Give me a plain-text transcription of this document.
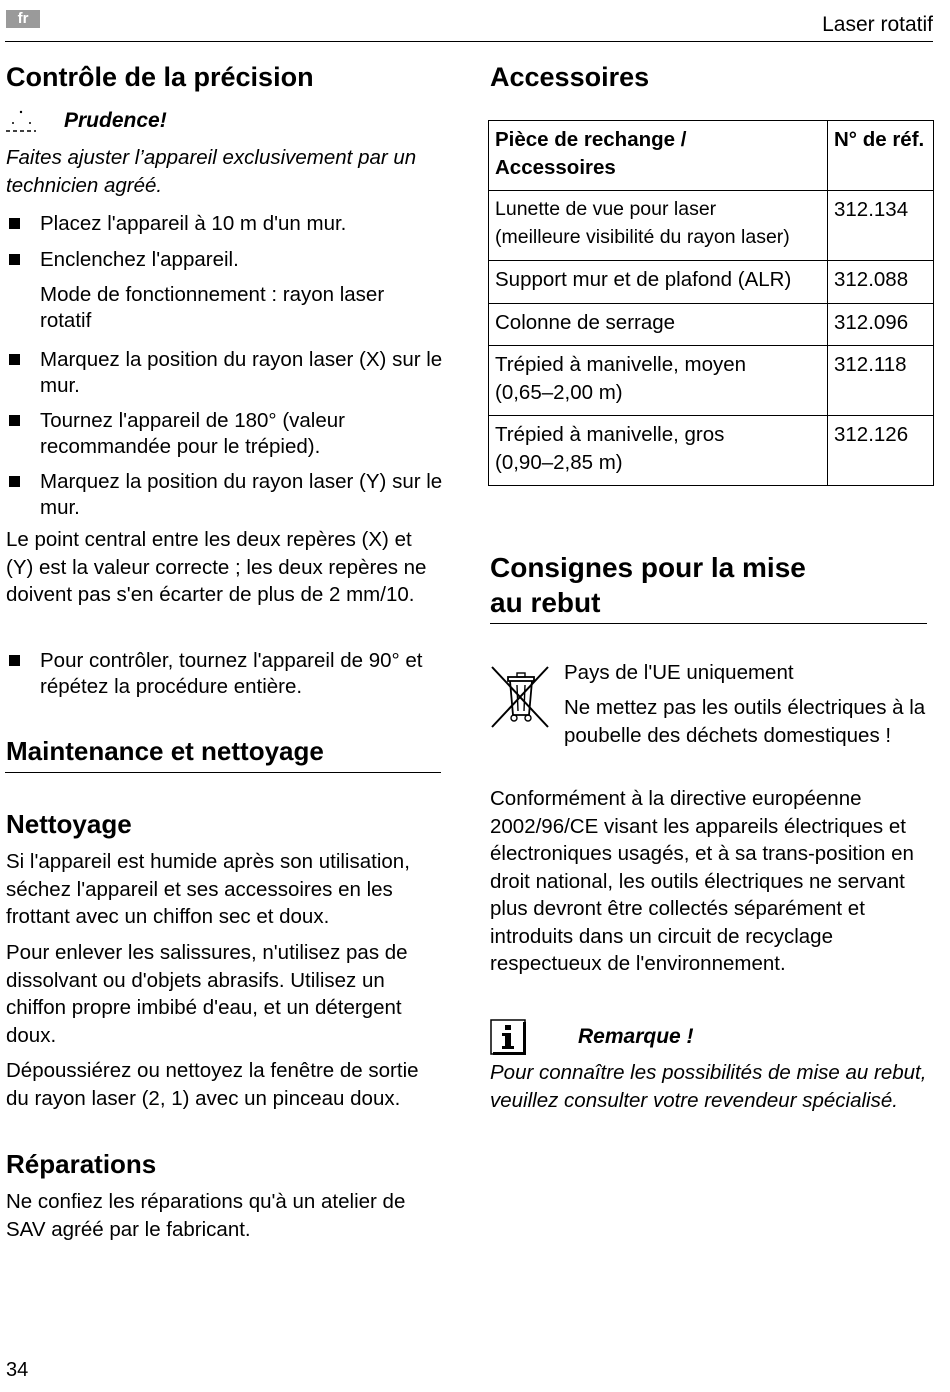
fr	Laser rotatif
Contrôle de la précision
Prudence!

Faites ajuster l’appareil exclusivement par un technicien agréé.

Placez l'appareil à 10 m d'un mur.
Enclenchez l'appareil.

Mode de fonctionnement : rayon laser rotatif

Marquez la position du rayon laser (X) sur le mur.
Tournez l'appareil de 180° (valeur recommandée pour le trépied).
Marquez la position du rayon laser (Y) sur le mur.

Le point central entre les deux repères (X) et (Y) est la valeur correcte ; les deux repères ne doivent pas s'en écarter de plus de 2 mm/10.

Pour contrôler, tournez l'appareil de 90° et répétez la procédure entière.
Maintenance et nettoyage
Nettoyage

Si l'appareil est humide après son utilisation, séchez l'appareil et ses accessoires en les frottant avec un chiffon sec et doux.

Pour enlever les salissures, n'utilisez pas de dissolvant ou d'objets abrasifs. Utilisez un chiffon propre imbibé d'eau, et un détergent doux.

Dépoussiérez ou nettoyez la fenêtre de sortie du rayon laser (2, 1) avec un pinceau doux.

Réparations

Ne confiez les réparations qu'à un atelier de SAV agréé par le fabricant.

34
Accessoires
Pièce de rechange /
Accessoires	N° de réf.
Lunette de vue pour laser
(meilleure visibilité du rayon laser)	312.134
Support mur et de plafond (ALR)	312.088
Colonne de serrage	312.096
Trépied à manivelle, moyen
(0,65–2,00 m)	312.118
Trépied à manivelle, gros
(0,90–2,85 m)	312.126
Consignes pour la mise
au rebut

Pays de l'UE uniquement

Ne mettez pas les outils électriques à la poubelle des déchets domestiques !

Conformément à la directive européenne 2002/96/CE visant les appareils électriques et électroniques usagés, et à sa trans-position en droit national, les outils électriques ne servant plus devront être collectés séparément et introduits dans un circuit de recyclage respectueux de l'environnement.

Remarque !

Pour connaître les possibilités de mise au rebut, veuillez consulter votre revendeur spécialisé.
